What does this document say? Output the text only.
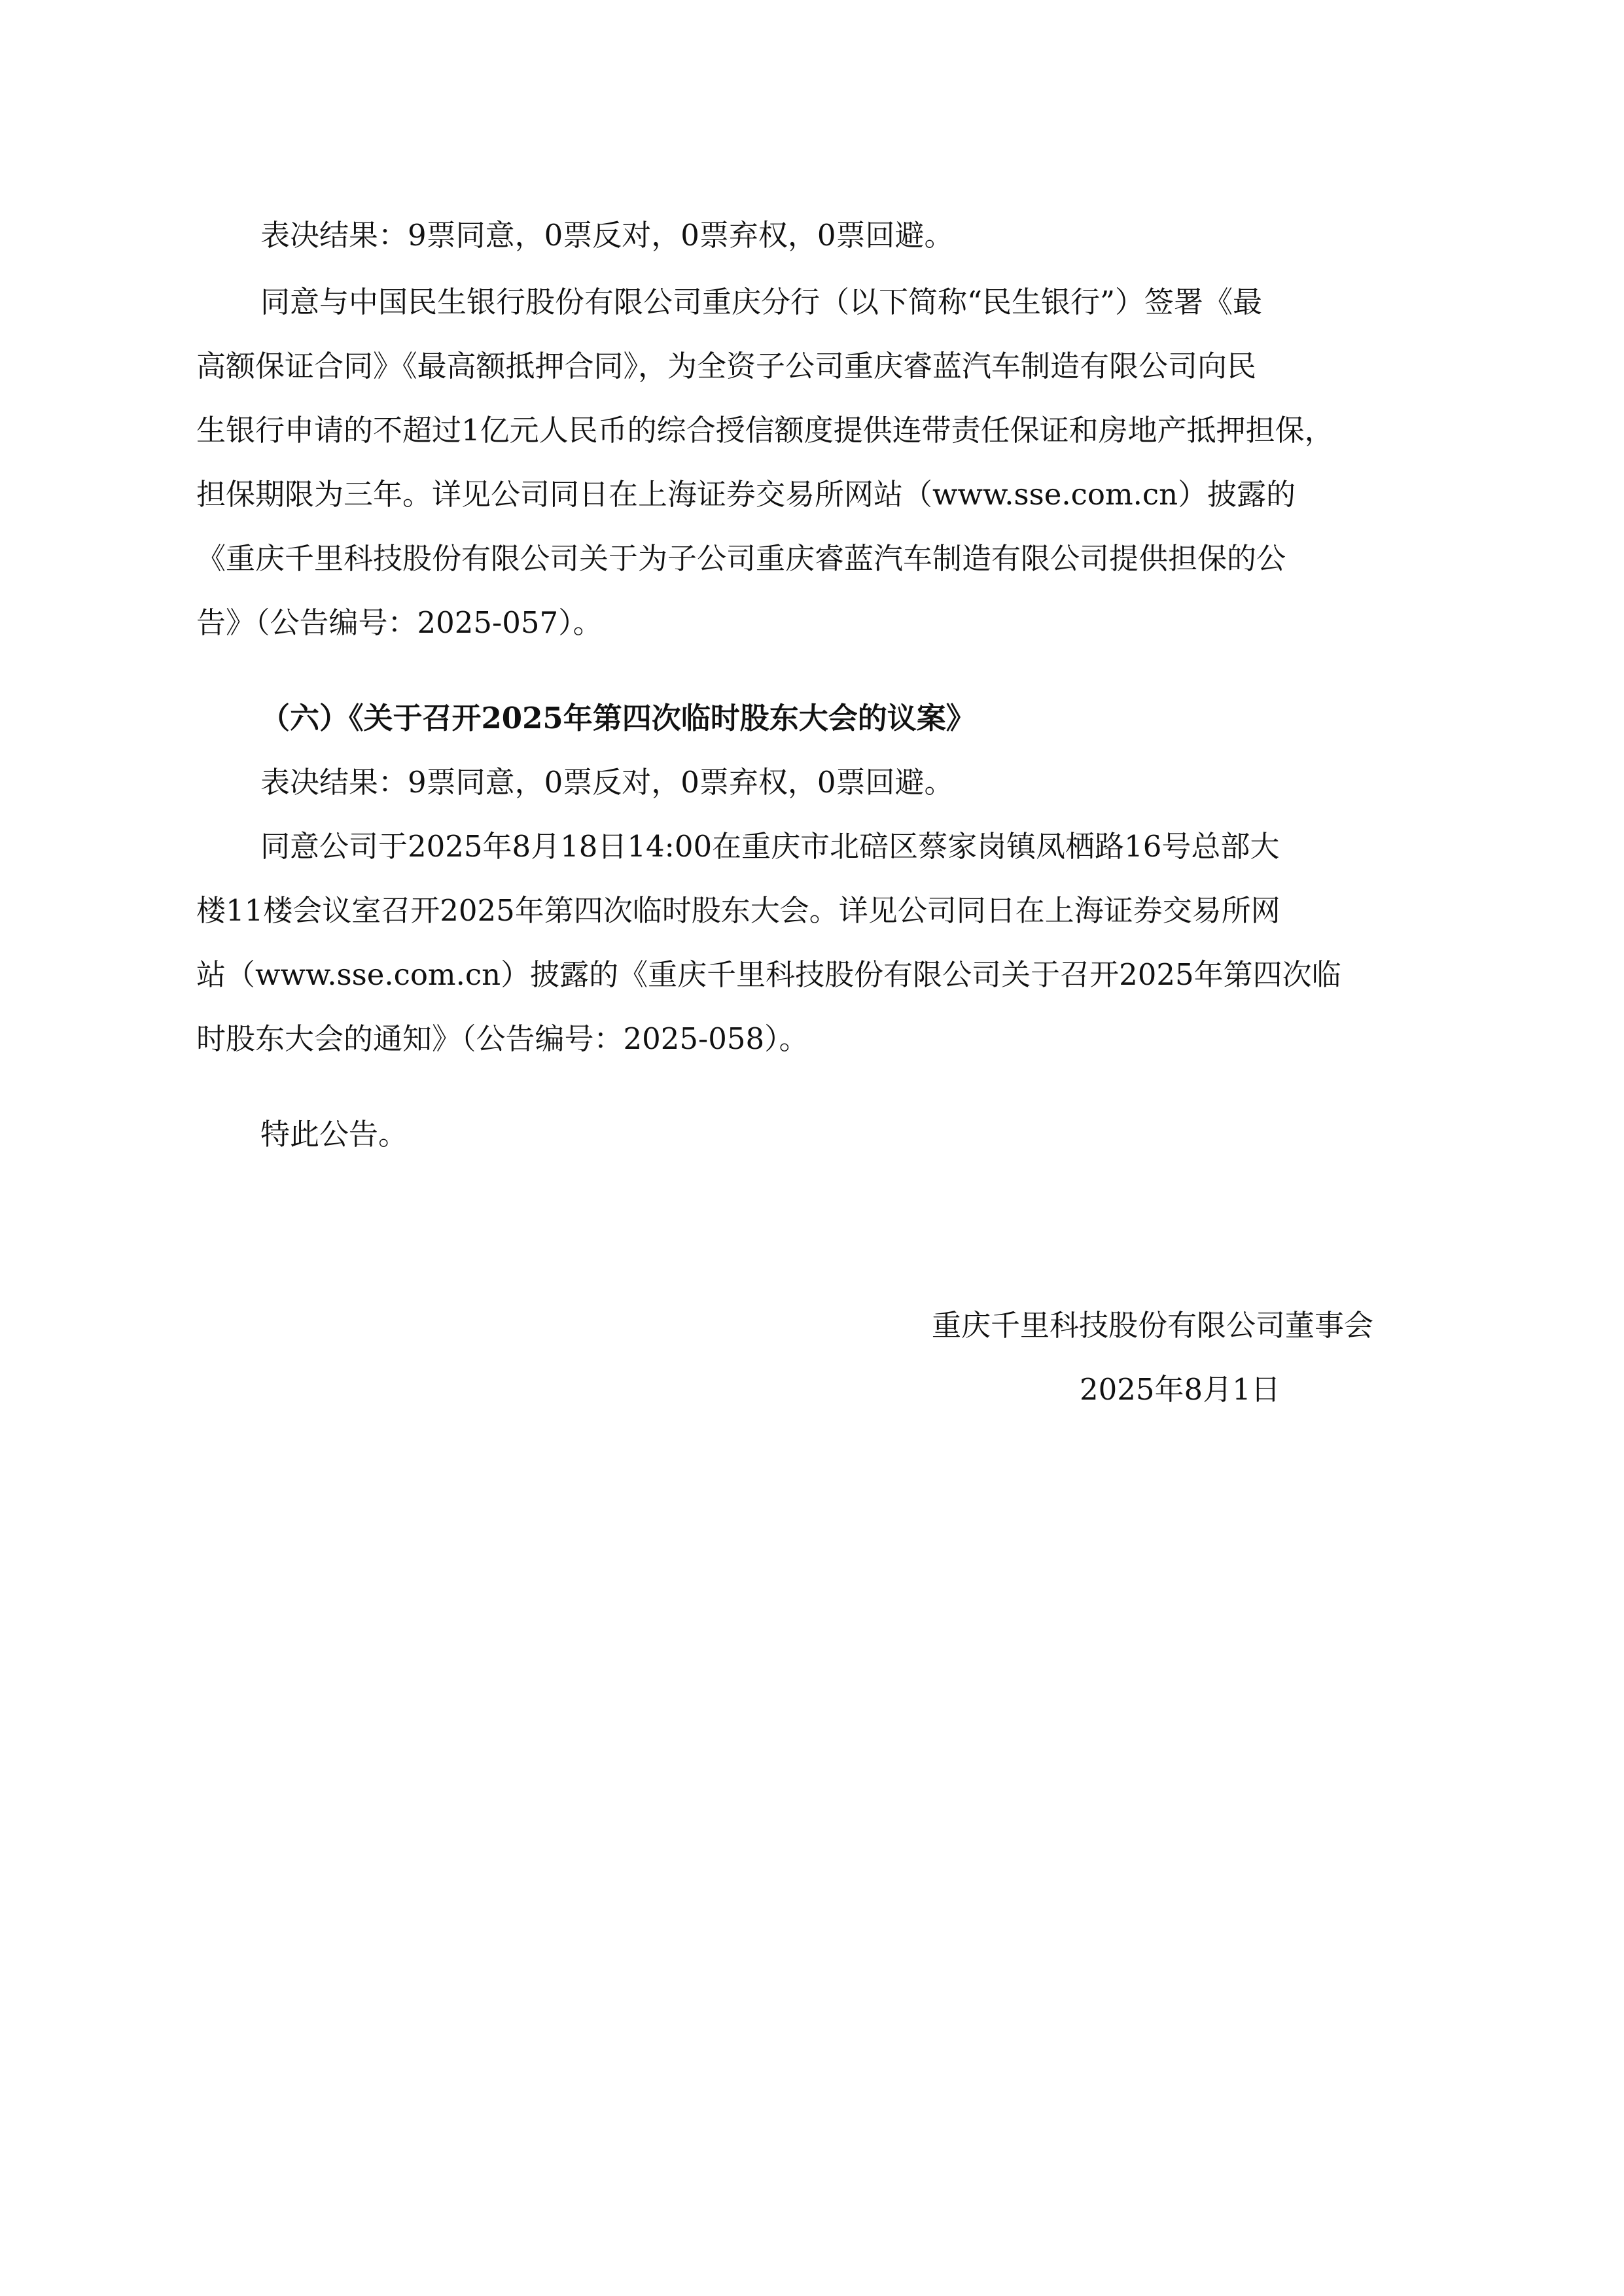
表决结果：9票同意，0票反对，0票弃权，0票回避。
同意与中国民生银行股份有限公司重庆分行（以下简称“民生银行”）签署《最
高额保证合同》《最高额抵押合同》，为全资子公司重庆睿蓝汽车制造有限公司向民
生银行申请的不超过1亿元人民币的综合授信额度提供连带责任保证和房地产抵押担保，
担保期限为三年。详见公司同日在上海证券交易所网站（www.sse.com.cn）披露的
《重庆千里科技股份有限公司关于为子公司重庆睿蓝汽车制造有限公司提供担保的公
告》（公告编号：2025-057）。
（六）《关于召开2025年第四次临时股东大会的议案》
表决结果：9票同意，0票反对，0票弃权，0票回避。
同意公司于2025年8月18日14:00在重庆市北碚区蔡家岗镇凤栖路16号总部大
楼11楼会议室召开2025年第四次临时股东大会。详见公司同日在上海证券交易所网
站（www.sse.com.cn）披露的《重庆千里科技股份有限公司关于召开2025年第四次临
时股东大会的通知》（公告编号：2025-058）。
特此公告。
重庆千里科技股份有限公司董事会
2025年8月1日
